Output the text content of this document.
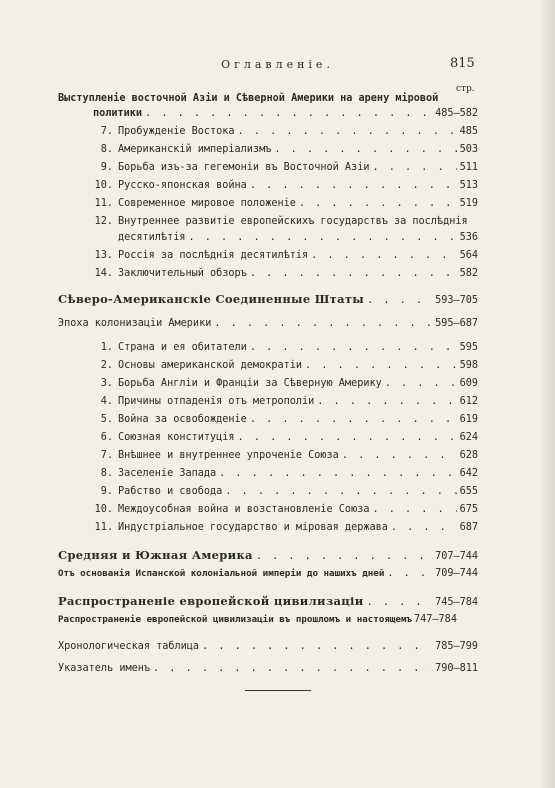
Оглавленіе.	815
стр.
Выступленіе восточной Азіи и Сѣверной Америки на арену міровой
политики . . .	485—582
7. Пробужденіе Востока . . .	485
8. Американскій имперіализмъ . . .	503
9. Борьба изъ-за гегемоніи въ Восточной Азіи . . .	511
10. Русско-японская война . . .	513
11. Современное мировое положеніе . . .	519
12. Внутреннее развитіе европейскихъ государствъ за послѣднія
десятилѣтія . . .	536
13. Россія за послѣднія десятилѣтія . . .	564
14. Заключительный обзоръ . . .	582
Сѣверо-Американскіе Соединенные Штаты . . .	593—705
Эпоха колонизаціи Америки . . .	595—687
1. Страна и ея обитатели . . .	595
2. Основы американской демократіи . . .	598
3. Борьба Англіи и Франціи за Сѣверную Америку . . .	609
4. Причины отпаденія отъ метрополіи . . .	612
5. Война за освобожденіе . . .	619
6. Союзная конституція . . .	624
7. Внѣшнее и внутреннее упроченіе Союза . . .	628
8. Заселеніе Запада . . .	642
9. Рабство и свобода . . .	655
10. Междоусобная война и возстановленіе Союза . . .	675
11. Индустріальное государство и міровая держава . . .	687
Средняя и Южная Америка . . .	707—744
Отъ основанія Испанской колоніальной имперіи до нашихъ дней . . .	709—744
Распространеніе европейской цивилизаціи . . .	745—784
Распространеніе европейской цивилизаціи въ прошломъ и настоящемъ 747—784
Хронологическая таблица . . .	785—799
Указатель именъ . . .	790—811
